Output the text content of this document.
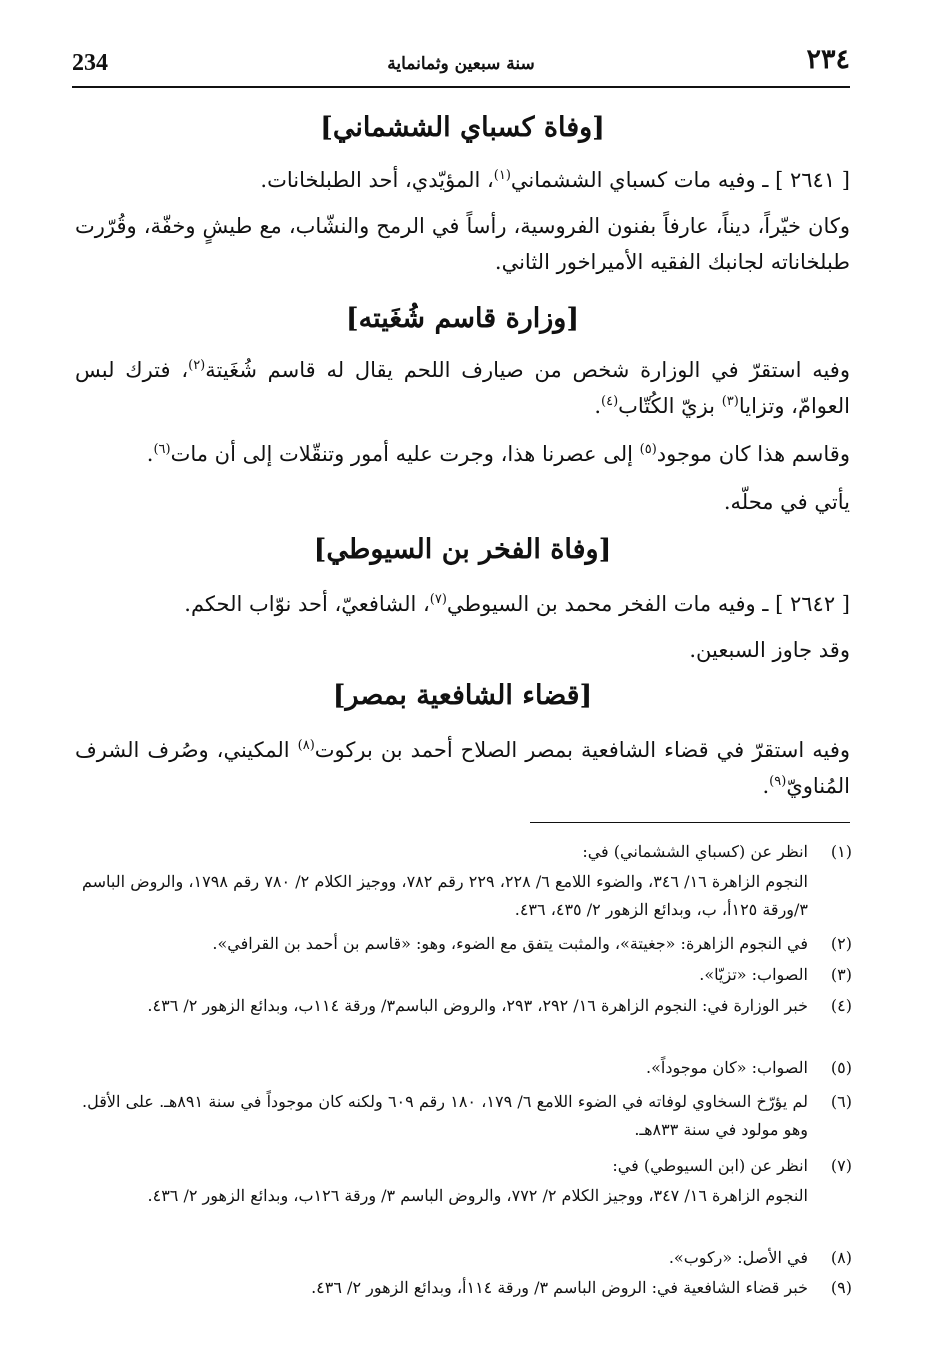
234	سنة سبعين وثمانماية	٢٣٤
[وفاة كسباي الششماني]
[ ٢٦٤١ ] ـ وفيه مات كسباي الششماني$^{(١)}$، المؤيّدي، أحد الطبلخانات.
وكان خيّراً، ديناً، عارفاً بفنون الفروسية، رأساً في الرمح والنشّاب، مع طيشٍ وخفّة، وقُرّرت طبلخاناته لجانبك الفقيه الأميراخور الثاني.
[وزارة قاسم شُغَيته]
وفيه استقرّ في الوزارة شخص من صيارف اللحم يقال له قاسم شُغَيتة$^{(٢)}$، فترك لبس العوامّ، وتزايا$^{(٣)}$ بزيّ الكُتّاب$^{(٤)}$.
وقاسم هذا كان موجود$^{(٥)}$ إلى عصرنا هذا، وجرت عليه أمور وتنقّلات إلى أن مات$^{(٦)}$.
يأتي في محلّه.
[وفاة الفخر بن السيوطي]
[ ٢٦٤٢ ] ـ وفيه مات الفخر محمد بن السيوطي$^{(٧)}$، الشافعيّ، أحد نوّاب الحكم.
وقد جاوز السبعين.
[قضاء الشافعية بمصر]
وفيه استقرّ في قضاء الشافعية بمصر الصلاح أحمد بن بركوت$^{(٨)}$ المكيني، وصُرف الشرف المُناويّ$^{(٩)}$.
(١)
انظر عن (كسباي الششماني) في:
النجوم الزاهرة ١٦/ ٣٤٦، والضوء اللامع ٦/ ٢٢٨، ٢٢٩ رقم ٧٨٢، ووجيز الكلام ٢/ ٧٨٠ رقم ١٧٩٨، والروض الباسم ٣/ورقة ١٢٥أ، ب، وبدائع الزهور ٢/ ٤٣٥، ٤٣٦.
(٢)
في النجوم الزاهرة: «جغيتة»، والمثبت يتفق مع الضوء، وهو: «قاسم بن أحمد بن القرافي».
(٣)
الصواب: «تزيّا».
(٤)
خبر الوزارة في: النجوم الزاهرة ١٦/ ٢٩٢، ٢٩٣، والروض الباسم٣/ ورقة ١١٤ب، وبدائع الزهور ٢/ ٤٣٦.
(٥)
الصواب: «كان موجوداً».
(٦)
لم يؤرّخ السخاوي لوفاته في الضوء اللامع ٦/ ١٧٩، ١٨٠ رقم ٦٠٩ ولكنه كان موجوداً في سنة ٨٩١هـ. على الأقل. وهو مولود في سنة ٨٣٣هـ.
(٧)
انظر عن (ابن السيوطي) في:
النجوم الزاهرة ١٦/ ٣٤٧، ووجيز الكلام ٢/ ٧٧٢، والروض الباسم ٣/ ورقة ١٢٦ب، وبدائع الزهور ٢/ ٤٣٦.
(٨)
في الأصل: «ركوب».
(٩)
خبر قضاء الشافعية في: الروض الباسم ٣/ ورقة ١١٤أ، وبدائع الزهور ٢/ ٤٣٦.
